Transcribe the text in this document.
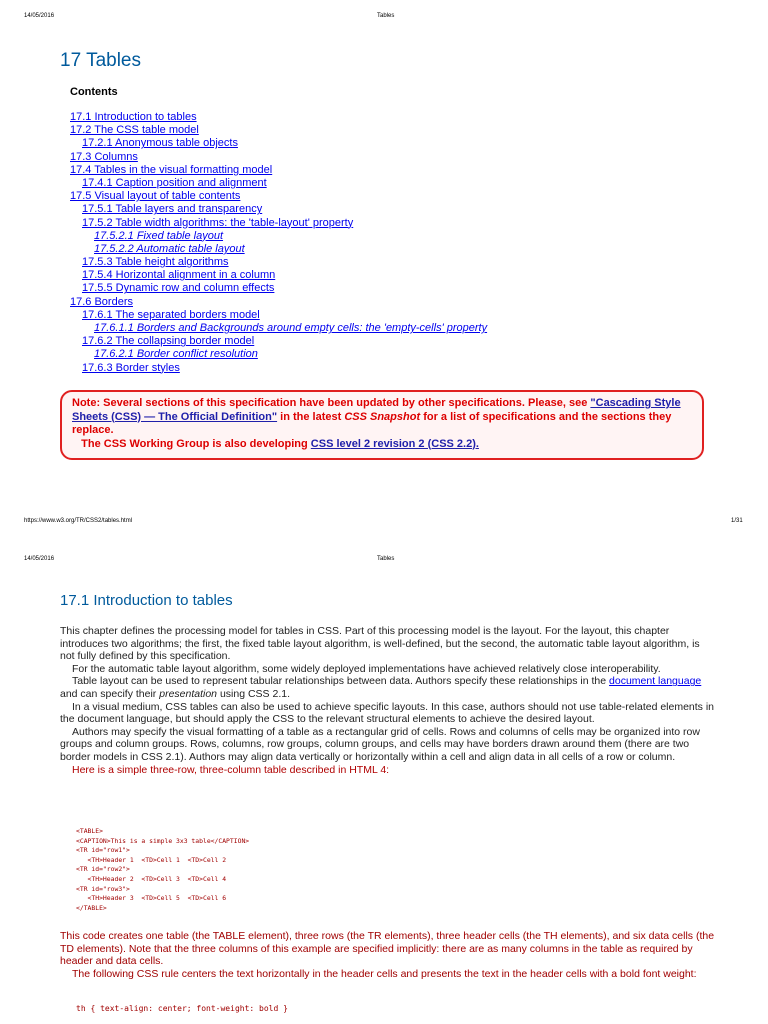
14/05/2016	Tables
17 Tables
Contents
17.1 Introduction to tables
17.2 The CSS table model
17.2.1 Anonymous table objects
17.3 Columns
17.4 Tables in the visual formatting model
17.4.1 Caption position and alignment
17.5 Visual layout of table contents
17.5.1 Table layers and transparency
17.5.2 Table width algorithms: the 'table-layout' property
17.5.2.1 Fixed table layout
17.5.2.2 Automatic table layout
17.5.3 Table height algorithms
17.5.4 Horizontal alignment in a column
17.5.5 Dynamic row and column effects
17.6 Borders
17.6.1 The separated borders model
17.6.1.1 Borders and Backgrounds around empty cells: the 'empty-cells' property
17.6.2 The collapsing border model
17.6.2.1 Border conflict resolution
17.6.3 Border styles
Note: Several sections of this specification have been updated by other specifications. Please, see "Cascading Style Sheets (CSS) — The Official Definition" in the latest CSS Snapshot for a list of specifications and the sections they replace.
The CSS Working Group is also developing CSS level 2 revision 2 (CSS 2.2).
https://www.w3.org/TR/CSS2/tables.html	1/31
14/05/2016	Tables
17.1 Introduction to tables

This chapter defines the processing model for tables in CSS. Part of this processing model is the layout. For the layout, this chapter introduces two algorithms; the first, the fixed table layout algorithm, is well-defined, but the second, the automatic table layout algorithm, is not fully defined by this specification.

For the automatic table layout algorithm, some widely deployed implementations have achieved relatively close interoperability.

Table layout can be used to represent tabular relationships between data. Authors specify these relationships in the document language and can specify their presentation using CSS 2.1.

In a visual medium, CSS tables can also be used to achieve specific layouts. In this case, authors should not use table-related elements in the document language, but should apply the CSS to the relevant structural elements to achieve the desired layout.

Authors may specify the visual formatting of a table as a rectangular grid of cells. Rows and columns of cells may be organized into row groups and column groups. Rows, columns, row groups, column groups, and cells may have borders drawn around them (there are two border models in CSS 2.1). Authors may align data vertically or horizontally within a cell and align data in all cells of a row or column.

Here is a simple three-row, three-column table described in HTML 4:

<TABLE>
<CAPTION>This is a simple 3x3 table</CAPTION>
<TR id="row1">
<TH>Header 1  <TD>Cell 1  <TD>Cell 2
<TR id="row2">
<TH>Header 2  <TD>Cell 3  <TD>Cell 4
<TR id="row3">
<TH>Header 3  <TD>Cell 5  <TD>Cell 6
</TABLE>

This code creates one table (the TABLE element), three rows (the TR elements), three header cells (the TH elements), and six data cells (the TD elements). Note that the three columns of this example are specified implicitly: there are as many columns in the table as required by header and data cells.

The following CSS rule centers the text horizontally in the header cells and presents the text in the header cells with a bold font weight:

th { text-align: center; font-weight: bold }
